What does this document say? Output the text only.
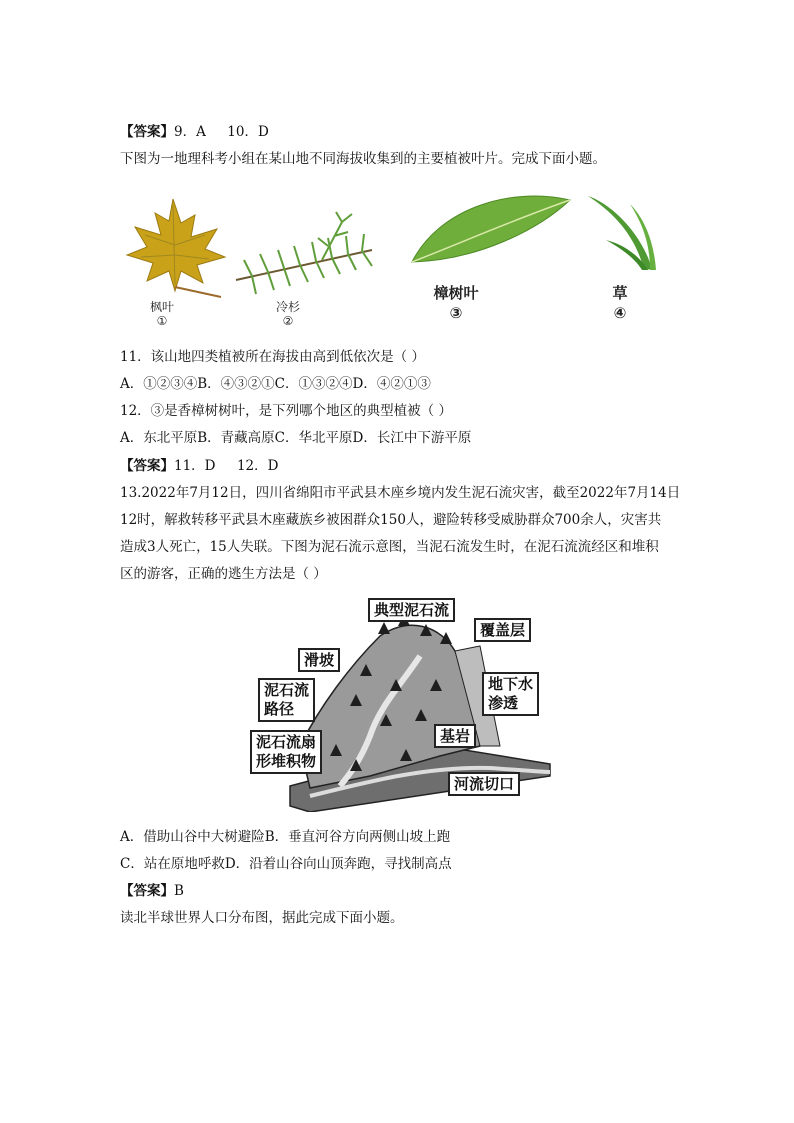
【答案】9．A     10．D
下图为一地理科考小组在某山地不同海拔收集到的主要植被叶片。完成下面小题。
枫叶
①
冷杉
②
樟树叶
③
草
④
11．该山地四类植被所在海拔由高到低依次是（ ）
A．①②③④B．④③②①C．①③②④D．④②①③
12．③是香樟树树叶，是下列哪个地区的典型植被（ ）
A．东北平原B．青藏高原C．华北平原D．长江中下游平原
【答案】11．D     12．D
13.2022年7月12日，四川省绵阳市平武县木座乡境内发生泥石流灾害，截至2022年7月14日
12时，解救转移平武县木座藏族乡被困群众150人，避险转移受威胁群众700余人，灾害共
造成3人死亡，15人失联。下图为泥石流示意图，当泥石流发生时，在泥石流流经区和堆积
区的游客，正确的逃生方法是（ ）
典型泥石流
覆盖层
滑坡
地下水
渗透
泥石流
路径
基岩
泥石流扇
形堆积物
河流切口
A．借助山谷中大树避险B．垂直河谷方向两侧山坡上跑
C．站在原地呼救D．沿着山谷向山顶奔跑，寻找制高点
【答案】B
读北半球世界人口分布图，据此完成下面小题。
